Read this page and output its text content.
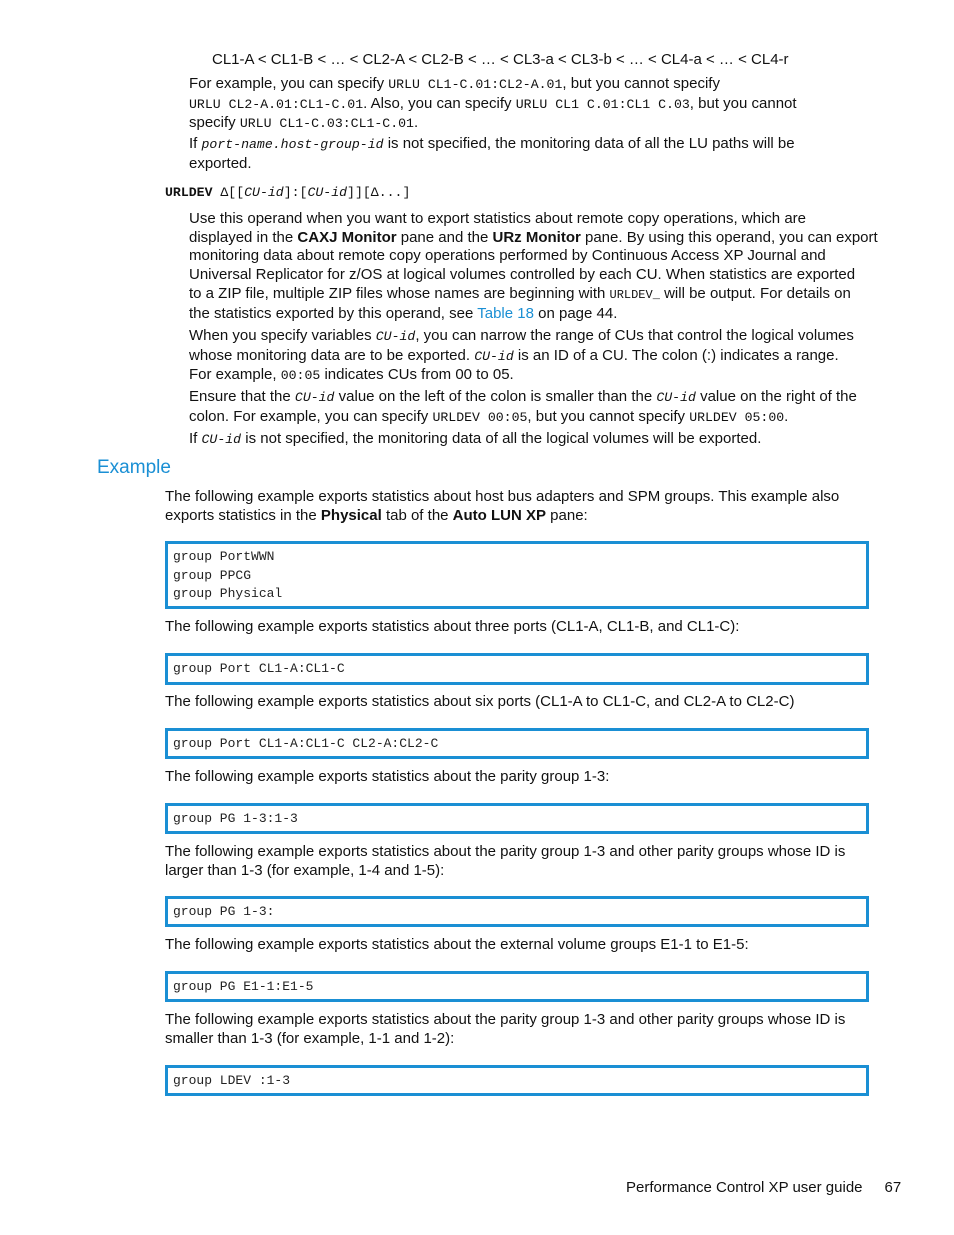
CL1-A < CL1-B < … < CL2-A < CL2-B < … < CL3-a < CL3-b < … < CL4-a < … < CL4-r

For example, you can specify URLU CL1-C.01:CL2-A.01, but you cannot specify
URLU CL2-A.01:CL1-C.01. Also, you can specify URLU CL1 C.01:CL1 C.03, but you cannot
specify URLU CL1-C.03:CL1-C.01.
If port-name.host-group-id is not specified, the monitoring data of all the LU paths will be
exported.
URLDEV Δ[[CU-id]:[CU-id]][Δ...]
Use this operand when you want to export statistics about remote copy operations, which are
displayed in the CAXJ Monitor pane and the URz Monitor pane. By using this operand, you can export
monitoring data about remote copy operations performed by Continuous Access XP Journal and
Universal Replicator for z/OS at logical volumes controlled by each CU. When statistics are exported
to a ZIP file, multiple ZIP files whose names are beginning with URLDEV_ will be output. For details on
the statistics exported by this operand, see Table 18 on page 44.
When you specify variables CU-id, you can narrow the range of CUs that control the logical volumes
whose monitoring data are to be exported. CU-id is an ID of a CU. The colon (:) indicates a range.
For example, 00:05 indicates CUs from 00 to 05.
Ensure that the CU-id value on the left of the colon is smaller than the CU-id value on the right of the
colon. For example, you can specify URLDEV 00:05, but you cannot specify URLDEV 05:00.
If CU-id is not specified, the monitoring data of all the logical volumes will be exported.
Example
The following example exports statistics about host bus adapters and SPM groups. This example also
exports statistics in the Physical tab of the Auto LUN XP pane:
group PortWWN
group PPCG
group Physical

The following example exports statistics about three ports (CL1-A, CL1-B, and CL1-C):

group Port CL1-A:CL1-C

The following example exports statistics about six ports (CL1-A to CL1-C, and CL2-A to CL2-C)

group Port CL1-A:CL1-C CL2-A:CL2-C

The following example exports statistics about the parity group 1-3:

group PG 1-3:1-3
The following example exports statistics about the parity group 1-3 and other parity groups whose ID is
larger than 1-3 (for example, 1-4 and 1-5):
group PG 1-3:

The following example exports statistics about the external volume groups E1-1 to E1-5:

group PG E1-1:E1-5
The following example exports statistics about the parity group 1-3 and other parity groups whose ID is
smaller than 1-3 (for example, 1-1 and 1-2):
group LDEV :1-3
Performance Control XP user guide 67
